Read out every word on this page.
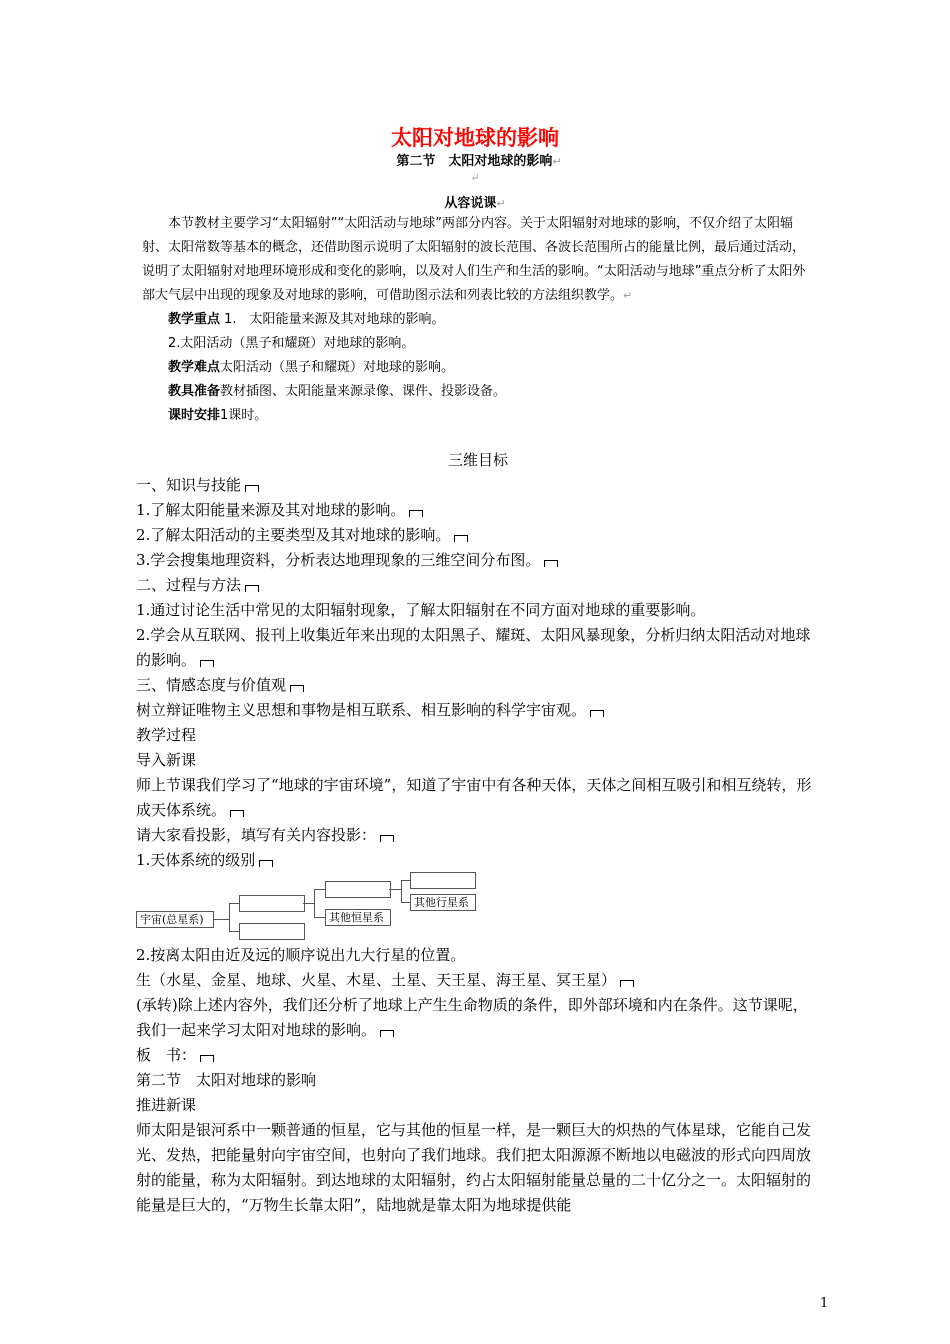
太阳对地球的影响
第二节　太阳对地球的影响↵
↵
从容说课↵

本节教材主要学习“太阳辐射”“太阳活动与地球”两部分内容。关于太阳辐射对地球的影响，不仅介绍了太阳辐射、太阳常数等基本的概念，还借助图示说明了太阳辐射的波长范围、各波长范围所占的能量比例，最后通过活动，说明了太阳辐射对地理环境形成和变化的影响，以及对人们生产和生活的影响。“太阳活动与地球”重点分析了太阳外部大气层中出现的现象及对地球的影响，可借助图示法和列表比较的方法组织教学。↵

教学重点 1.　太阳能量来源及其对地球的影响。

2.太阳活动（黑子和耀斑）对地球的影响。

教学难点太阳活动（黑子和耀斑）对地球的影响。

教具准备教材插图、太阳能量来源录像、课件、投影设备。

课时安排1课时。

三维目标

一、知识与技能

1.了解太阳能量来源及其对地球的影响。

2.了解太阳活动的主要类型及其对地球的影响。

3.学会搜集地理资料，分析表达地理现象的三维空间分布图。

二、过程与方法

1.通过讨论生活中常见的太阳辐射现象，了解太阳辐射在不同方面对地球的重要影响。

2.学会从互联网、报刊上收集近年来出现的太阳黑子、耀斑、太阳风暴现象，分析归纳太阳活动对地球的影响。

三、情感态度与价值观

树立辩证唯物主义思想和事物是相互联系、相互影响的科学宇宙观。

教学过程

导入新课

师上节课我们学习了“地球的宇宙环境”，知道了宇宙中有各种天体，天体之间相互吸引和相互绕转，形成天体系统。

请大家看投影，填写有关内容投影：

1.天体系统的级别

宇宙(总星系)	其他恒星系
其他行星系

2.按离太阳由近及远的顺序说出九大行星的位置。

生（水星、金星、地球、火星、木星、土星、天王星、海王星、冥王星）

(承转)除上述内容外，我们还分析了地球上产生生命物质的条件，即外部环境和内在条件。这节课呢，我们一起来学习太阳对地球的影响。

板　书：

第二节　太阳对地球的影响

推进新课

师太阳是银河系中一颗普通的恒星，它与其他的恒星一样，是一颗巨大的炽热的气体星球，它能自己发光、发热，把能量射向宇宙空间，也射向了我们地球。我们把太阳源源不断地以电磁波的形式向四周放射的能量，称为太阳辐射。到达地球的太阳辐射，约占太阳辐射能量总量的二十亿分之一。太阳辐射的能量是巨大的，“万物生长靠太阳”，陆地就是靠太阳为地球提供能

1
